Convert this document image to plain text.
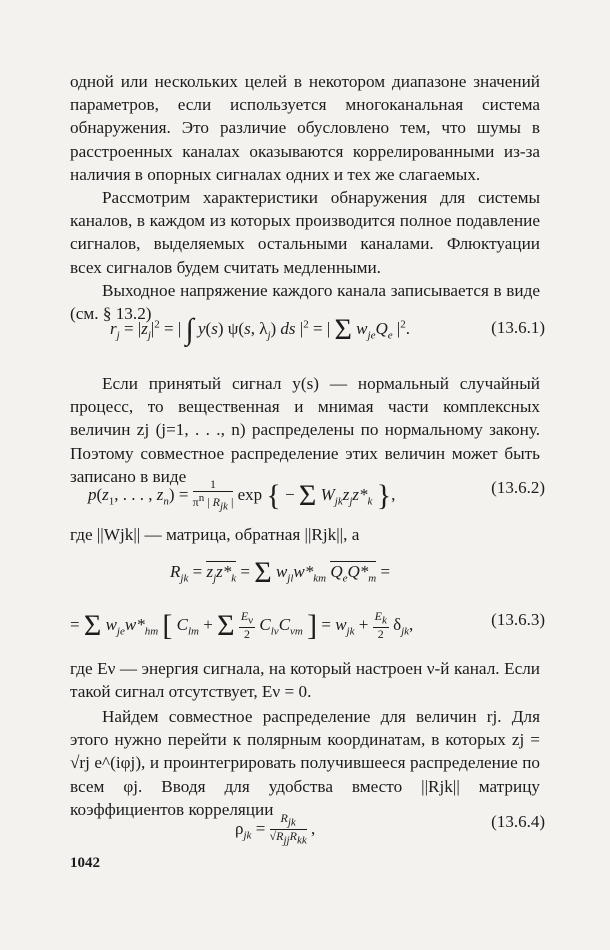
одной или нескольких целей в некотором диапазоне значений параметров, если используется многоканальная система обнаружения. Это различие обусловлено тем, что шумы в расстроенных каналах оказываются коррелированными из-за наличия в опорных сигналах одних и тех же слагаемых.

Рассмотрим характеристики обнаружения для системы каналов, в каждом из которых производится полное подавление сигналов, выделяемых остальными каналами. Флюктуации всех сигналов будем считать медленными.

Выходное напряжение каждого канала записывается в виде (см. § 13.2)

$r_j = |z_j|^2$ = | ∫ y(s) ψ(s, $\lambda_j$) ds $|^2$ = | Σ $w_{je}Q_e$ $|^2$.	(13.6.1)

Если принятый сигнал y(s) — нормальный случайный процесс, то вещественная и мнимая части комплексных величин zj (j=1, . . ., n) распределены по нормальному закону. Поэтому совместное распределение этих величин может быть записано в виде

$p(z_1$, . . . , $z_n) = \frac{1}{\text{πn | Rjk |}}$ exp { − Σ $W_{jk}z_jz*_k$ },	(13.6.2)

где ||Wjk|| — матрица, обратная ||Rjk||, а

$R_{jk} = z_jz*_k = \Sigma$ $w_{jl}w*_{km}$ $Q_eQ*_m$ =
= Σ $w_{je}w*_{hm}$ [ $C_{lm} + \Sigma \frac{E\nu}{2} C_{l\nu}C_{\nu m}$ ] = $w_{jk} + \frac{Ek}{2} \delta_{jk}$,	(13.6.3)

где Eν — энергия сигнала, на который настроен ν-й канал. Если такой сигнал отсутствует, Eν = 0.

Найдем совместное распределение для величин rj. Для этого нужно перейти к полярным координатам, в которых zj = √rj e^(iφj), и проинтегрировать получившееся распределение по всем φj. Вводя для удобства вместо ||Rjk|| матрицу коэффициентов корреляции

$\rho_{jk} = \frac{\text{Rjk}}{\text{√RjjRkk}}$ ,	(13.6.4)
1042
